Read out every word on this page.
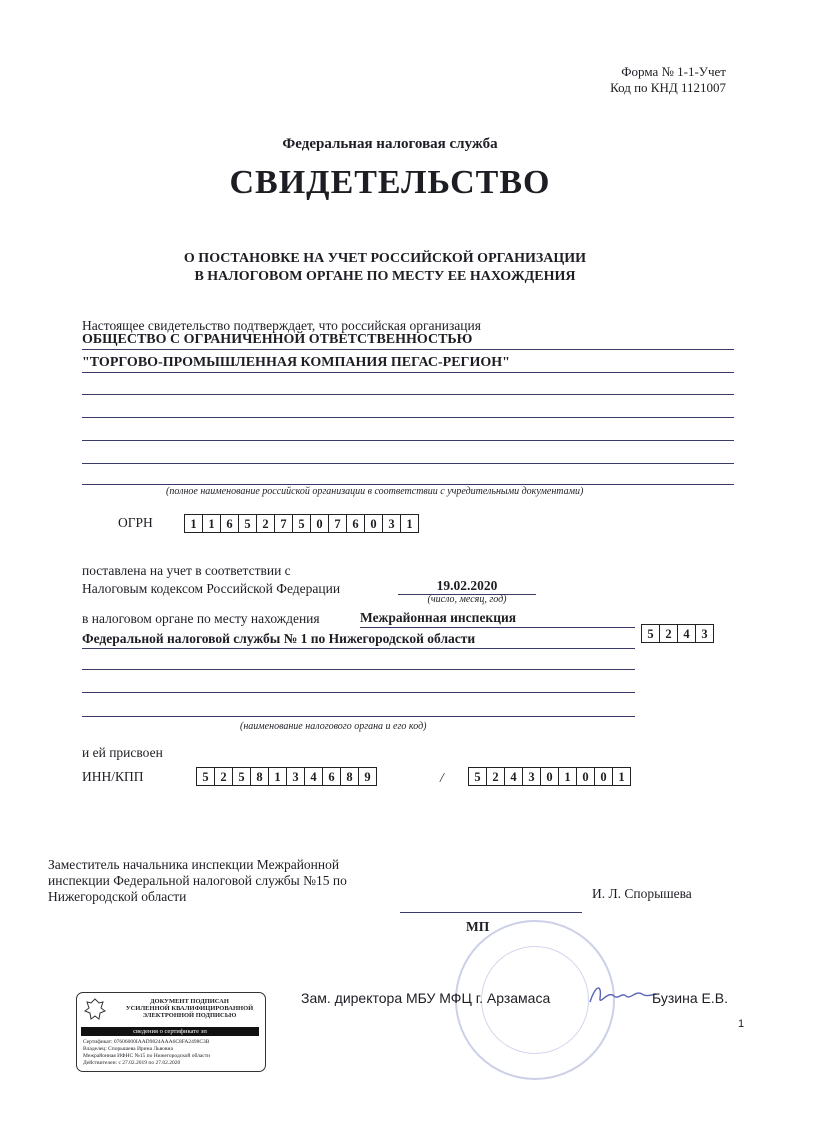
Форма № 1-1-Учет
Код по КНД 1121007
Федеральная налоговая служба
СВИДЕТЕЛЬСТВО
О ПОСТАНОВКЕ НА УЧЕТ РОССИЙСКОЙ ОРГАНИЗАЦИИ
В НАЛОГОВОМ ОРГАНЕ ПО МЕСТУ ЕЕ НАХОЖДЕНИЯ
Настоящее свидетельство подтверждает, что российская организация
ОБЩЕСТВО С ОГРАНИЧЕННОЙ ОТВЕТСТВЕННОСТЬЮ
"ТОРГОВО-ПРОМЫШЛЕННАЯ КОМПАНИЯ ПЕГАС-РЕГИОН"
(полное наименование российской организации в соответствии с учредительными документами)
ОГРН	1 1 6 5 2 7 5 0 7 6 0 3 1
поставлена на учет в соответствии с
Налоговым кодексом Российской Федерации	19.02.2020
(число, месяц, год)
в налоговом органе по месту нахождения	Межрайонная инспекция
Федеральной налоговой службы № 1 по Нижегородской области	5 2 4 3
(наименование налогового органа и его код)
и ей присвоен
ИНН/КПП	5 2 5 8 1 3 4 6 8 9	/	5 2 4 3 0 1 0 0 1
Заместитель начальника инспекции Межрайонной
инспекции Федеральной налоговой службы №15 по
Нижегородской области	И. Л. Спорышева
МП
Зам. директора МБУ МФЦ г. Арзамаса	Бузина Е.В.
1
ДОКУМЕНТ ПОДПИСАН
УСИЛЕННОЙ КВАЛИФИЦИРОВАННОЙ
ЭЛЕКТРОННОЙ ПОДПИСЬЮ
сведения о сертификате эп
Сертификат: 07606000IAAD9824AAA6C8FA2498C3B
Владелец: Спорышева Ирина Львовна
Межрайонная ИФНС №15 по Нижегородской области
Действителен: с 27.02.2019 по 27.02.2020
